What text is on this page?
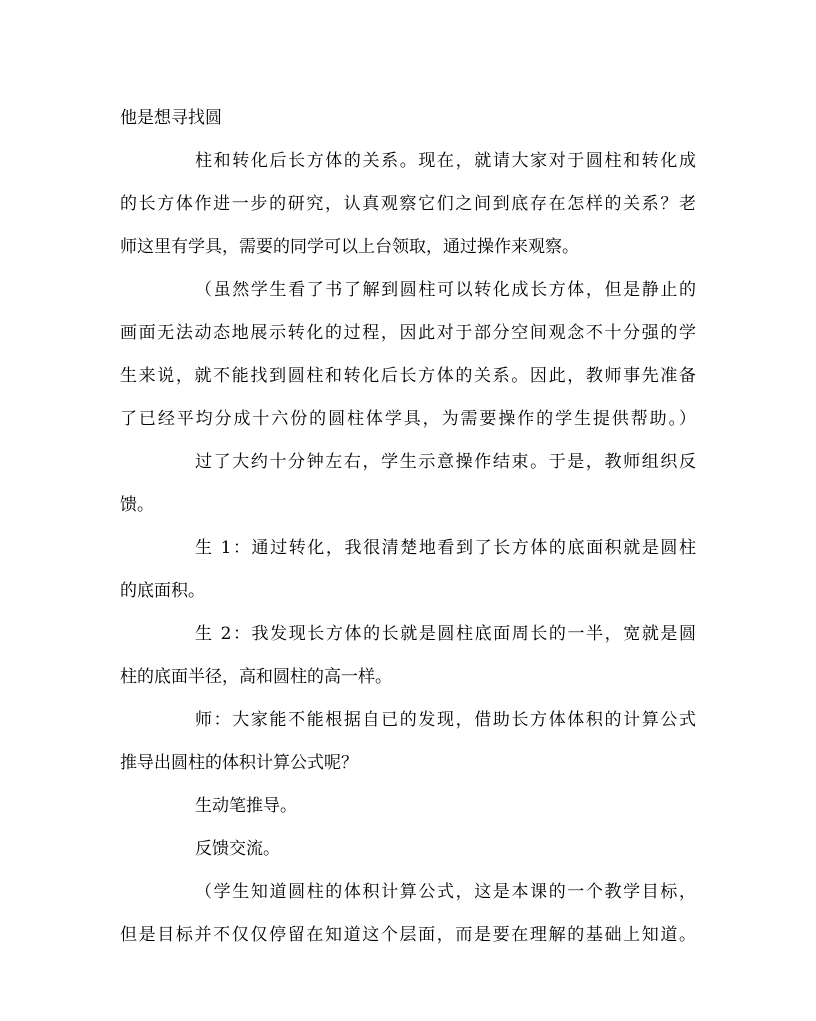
他是想寻找圆
柱和转化后长方体的关系。现在，就请大家对于圆柱和转化成
的长方体作进一步的研究，认真观察它们之间到底存在怎样的关系？老
师这里有学具，需要的同学可以上台领取，通过操作来观察。
（虽然学生看了书了解到圆柱可以转化成长方体，但是静止的
画面无法动态地展示转化的过程，因此对于部分空间观念不十分强的学
生来说，就不能找到圆柱和转化后长方体的关系。因此，教师事先准备
了已经平均分成十六份的圆柱体学具，为需要操作的学生提供帮助。）
过了大约十分钟左右，学生示意操作结束。于是，教师组织反
馈。
生 1：通过转化，我很清楚地看到了长方体的底面积就是圆柱
的底面积。
生 2：我发现长方体的长就是圆柱底面周长的一半，宽就是圆
柱的底面半径，高和圆柱的高一样。
师：大家能不能根据自已的发现，借助长方体体积的计算公式
推导出圆柱的体积计算公式呢？
生动笔推导。
反馈交流。
（学生知道圆柱的体积计算公式，这是本课的一个教学目标，
但是目标并不仅仅停留在知道这个层面，而是要在理解的基础上知道。
